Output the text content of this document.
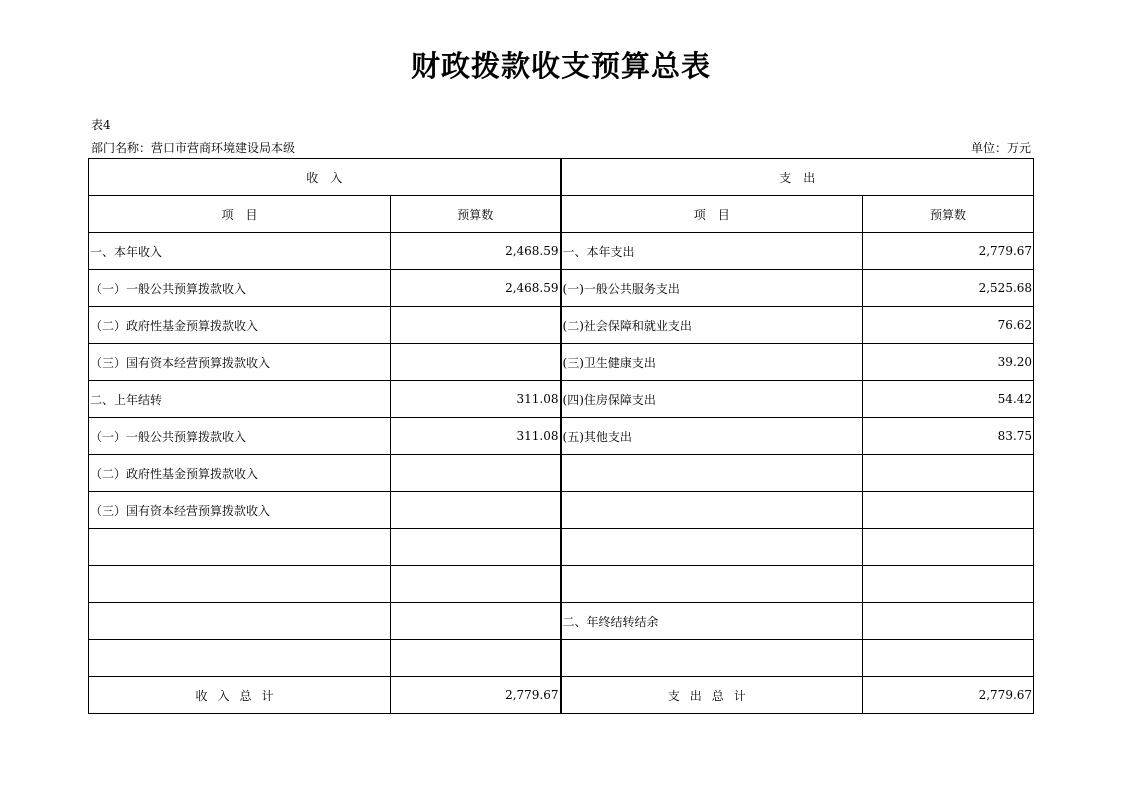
财政拨款收支预算总表
表4
部门名称：营口市营商环境建设局本级	单位：万元
收　入		支　出	
项　目	预算数	项　目	预算数
一、本年收入	2,468.59	一、本年支出	2,779.67
（一）一般公共预算拨款收入	2,468.59	(一)一般公共服务支出	2,525.68
（二）政府性基金预算拨款收入		(二)社会保障和就业支出	76.62
（三）国有资本经营预算拨款收入		(三)卫生健康支出	39.20
二、上年结转	311.08	(四)住房保障支出	54.42
（一）一般公共预算拨款收入	311.08	(五)其他支出	83.75
（二）政府性基金预算拨款收入			
（三）国有资本经营预算拨款收入			

		二、年终结转结余	

收入总计	2,779.67	支出总计	2,779.67
